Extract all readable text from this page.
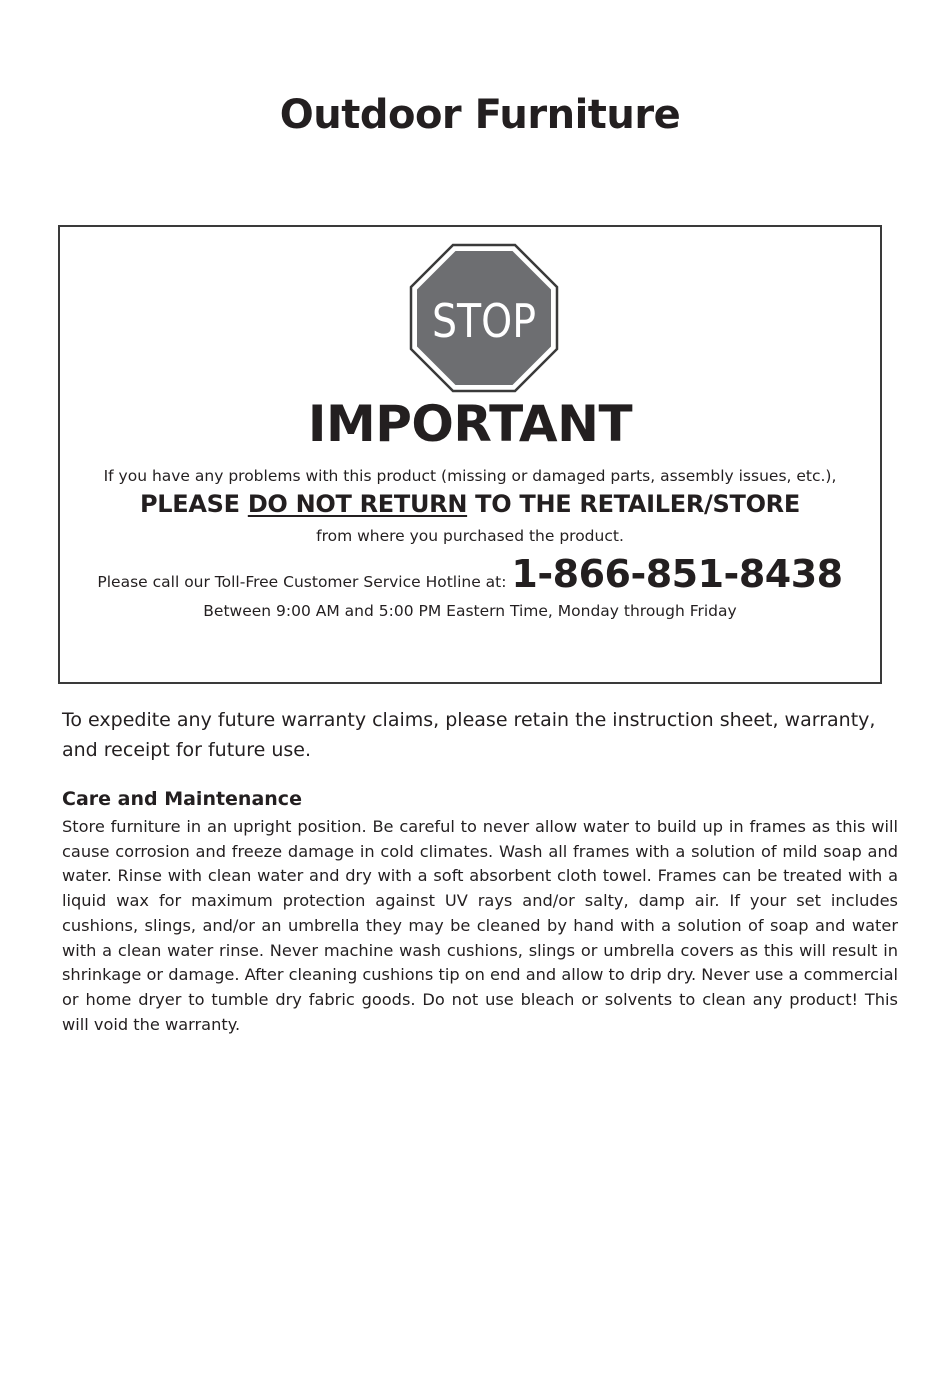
Outdoor Furniture
STOP
IMPORTANT
If you have any problems with this product (missing or damaged parts, assembly issues, etc.),
PLEASE DO NOT RETURN TO THE RETAILER/STORE
from where you purchased the product.
Please call our Toll-Free Customer Service Hotline at: 1-866-851-8438
Between 9:00 AM and 5:00 PM Eastern Time, Monday through Friday

To expedite any future warranty claims, please retain the instruction sheet, warranty, and receipt for future use.

Care and Maintenance

Store furniture in an upright position. Be careful to never allow water to build up in frames as this will cause corrosion and freeze damage in cold climates. Wash all frames with a solution of mild soap and water. Rinse with clean water and dry with a soft absorbent cloth towel. Frames can be treated with a liquid wax for maximum protection against UV rays and/or salty, damp air. If your set includes cushions, slings, and/or an umbrella they may be cleaned by hand with a solution of soap and water with a clean water rinse. Never machine wash cushions, slings or umbrella covers as this will result in shrinkage or damage. After cleaning cushions tip on end and allow to drip dry. Never use a commercial or home dryer to tumble dry fabric goods. Do not use bleach or solvents to clean any product! This will void the warranty.
